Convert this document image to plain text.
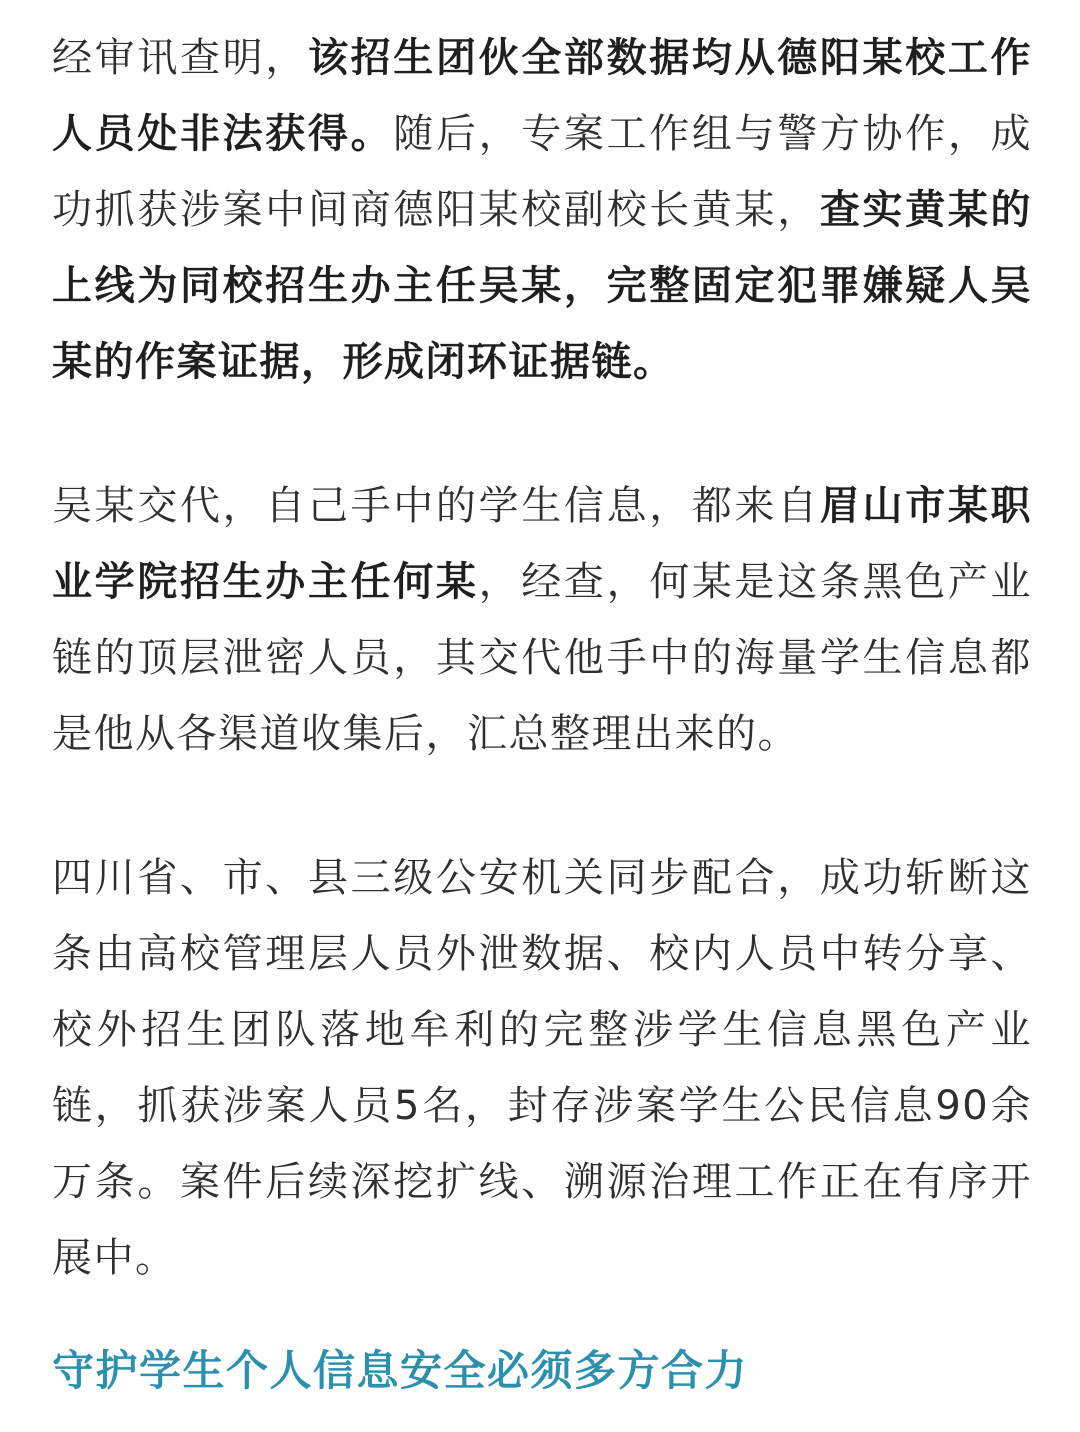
经审讯查明，该招生团伙全部数据均从德阳某校工作人员处非法获得。随后，专案工作组与警方协作，成功抓获涉案中间商德阳某校副校长黄某，查实黄某的上线为同校招生办主任吴某，完整固定犯罪嫌疑人吴某的作案证据，形成闭环证据链。

吴某交代，自己手中的学生信息，都来自眉山市某职业学院招生办主任何某，经查，何某是这条黑色产业链的顶层泄密人员，其交代他手中的海量学生信息都是他从各渠道收集后，汇总整理出来的。

四川省、市、县三级公安机关同步配合，成功斩断这条由高校管理层人员外泄数据、校内人员中转分享、校外招生团队落地牟利的完整涉学生信息黑色产业链，抓获涉案人员5名，封存涉案学生公民信息90余万条。案件后续深挖扩线、溯源治理工作正在有序开展中。

守护学生个人信息安全必须多方合力
